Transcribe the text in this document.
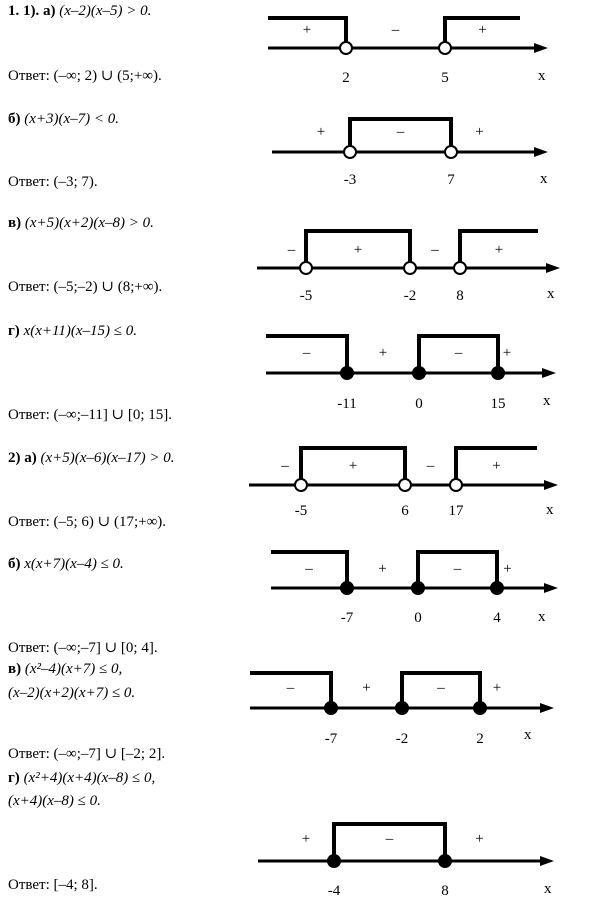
1. 1). а) (x–2)(x–5) > 0.
Ответ: (–∞; 2) ∪ (5;+∞).
б) (x+3)(x–7) < 0.
Ответ: (–3; 7).
в) (x+5)(x+2)(x–8) > 0.
Ответ: (–5;–2) ∪ (8;+∞).
г) x(x+11)(x–15) ≤ 0.
Ответ: (–∞;–11] ∪ [0; 15].
2) а) (x+5)(x–6)(x–17) > 0.
Ответ: (–5; 6) ∪ (17;+∞).
б) x(x+7)(x–4) ≤ 0.
Ответ: (–∞;–7] ∪ [0; 4].
в) (x²–4)(x+7) ≤ 0,
(x–2)(x+2)(x+7) ≤ 0.
Ответ: (–∞;–7] ∪ [–2; 2].
г) (x²+4)(x+4)(x–8) ≤ 0,
(x+4)(x–8) ≤ 0.
Ответ: [–4; 8].
x
+	–	+
2	5
x
+	–	+
-3	7
x
–	+	–	+
-5	-2	8
x
–	+	–	+
-11	0	15
x
–	+	–	+
-5	6	17
x
–	+	–	+
-7	0	4
x
–	+	–	+
-7	-2	2
x
+	–	+
-4	8
